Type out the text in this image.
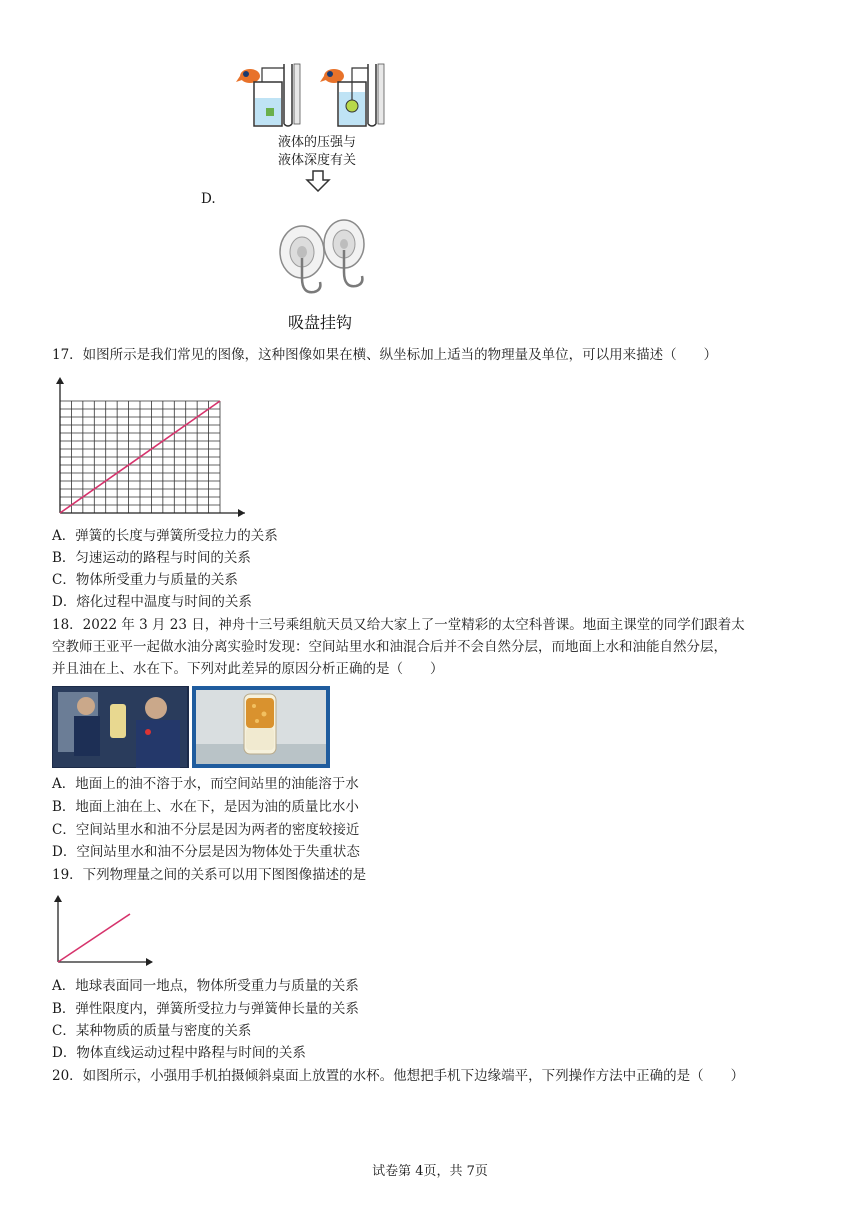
液体的压强与
液体深度有关
D.
吸盘挂钩
17．如图所示是我们常见的图像，这种图像如果在横、纵坐标加上适当的物理量及单位，可以用来描述（　　）
A．弹簧的长度与弹簧所受拉力的关系
B．匀速运动的路程与时间的关系
C．物体所受重力与质量的关系
D．熔化过程中温度与时间的关系
18．2022 年 3 月 23 日，神舟十三号乘组航天员又给大家上了一堂精彩的太空科普课。地面主课堂的同学们跟着太
空教师王亚平一起做水油分离实验时发现：空间站里水和油混合后并不会自然分层，而地面上水和油能自然分层，
并且油在上、水在下。下列对此差异的原因分析正确的是（　　）
A．地面上的油不溶于水，而空间站里的油能溶于水
B．地面上油在上、水在下，是因为油的质量比水小
C．空间站里水和油不分层是因为两者的密度较接近
D．空间站里水和油不分层是因为物体处于失重状态
19．下列物理量之间的关系可以用下图图像描述的是
A．地球表面同一地点，物体所受重力与质量的关系
B．弹性限度内，弹簧所受拉力与弹簧伸长量的关系
C．某种物质的质量与密度的关系
D．物体直线运动过程中路程与时间的关系
20．如图所示，小强用手机拍摄倾斜桌面上放置的水杯。他想把手机下边缘端平，下列操作方法中正确的是（　　）
试卷第 4页，共 7页
